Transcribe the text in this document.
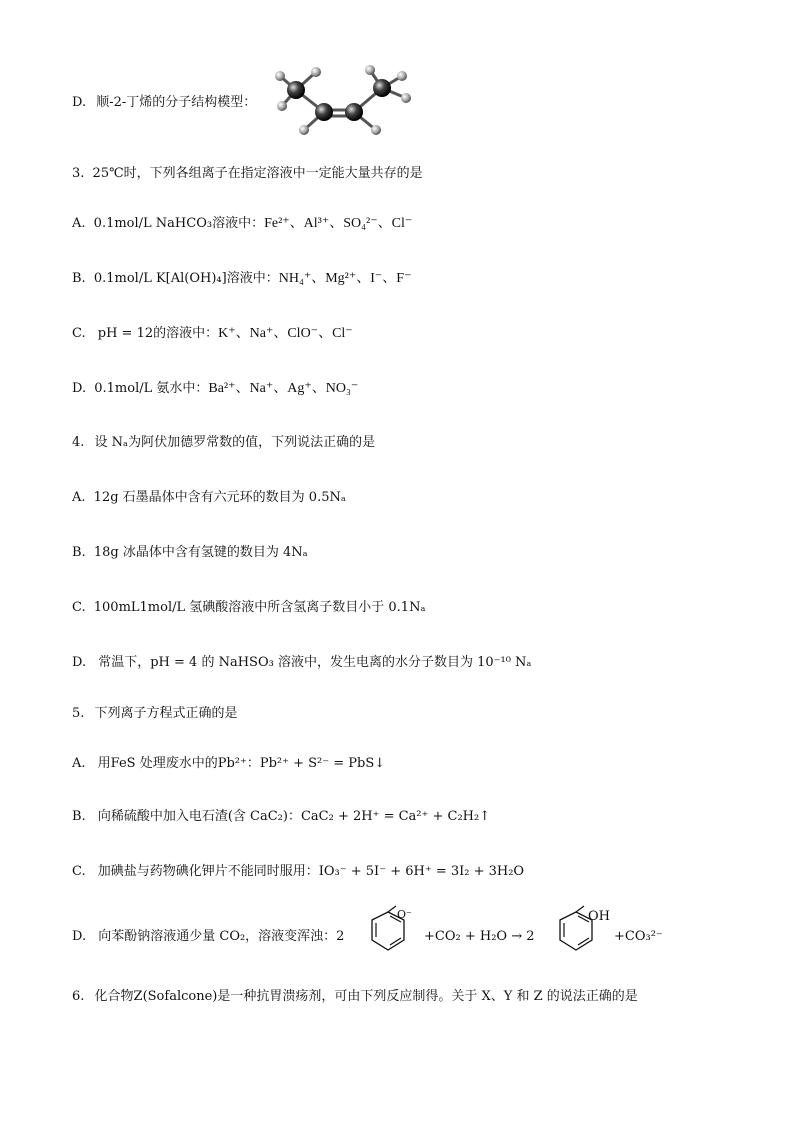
D. 顺-2-丁烯的分子结构模型：
3. 25℃时，下列各组离子在指定溶液中一定能大量共存的是
A. 0.1mol/L NaHCO₃溶液中：Fe²⁺、Al³⁺、SO₄²⁻、Cl⁻
B. 0.1mol/L K[Al(OH)₄]溶液中：NH₄⁺、Mg²⁺、I⁻、F⁻
C. pH = 12的溶液中：K⁺、Na⁺、ClO⁻、Cl⁻
D. 0.1mol/L 氨水中：Ba²⁺、Na⁺、Ag⁺、NO₃⁻
4. 设 Nₐ为阿伏加德罗常数的值，下列说法正确的是
A. 12g 石墨晶体中含有六元环的数目为 0.5Nₐ
B. 18g 冰晶体中含有氢键的数目为 4Nₐ
C. 100mL1mol/L 氢碘酸溶液中所含氢离子数目小于 0.1Nₐ
D. 常温下，pH = 4 的 NaHSO₃ 溶液中，发生电离的水分子数目为 10⁻¹⁰ Nₐ
5. 下列离子方程式正确的是
A. 用FeS 处理废水中的Pb²⁺：Pb²⁺ + S²⁻ = PbS↓
B. 向稀硫酸中加入电石渣(含 CaC₂)：CaC₂ + 2H⁺ = Ca²⁺ + C₂H₂↑
C. 加碘盐与药物碘化钾片不能同时服用：IO₃⁻ + 5I⁻ + 6H⁺ = 3I₂ + 3H₂O
D. 向苯酚钠溶液通少量 CO₂，溶液变浑浊：2
O⁻
+CO₂ + H₂O → 2
OH
+CO₃²⁻
6. 化合物Z(Sofalcone)是一种抗胃溃疡剂，可由下列反应制得。关于 X、Y 和 Z 的说法正确的是
